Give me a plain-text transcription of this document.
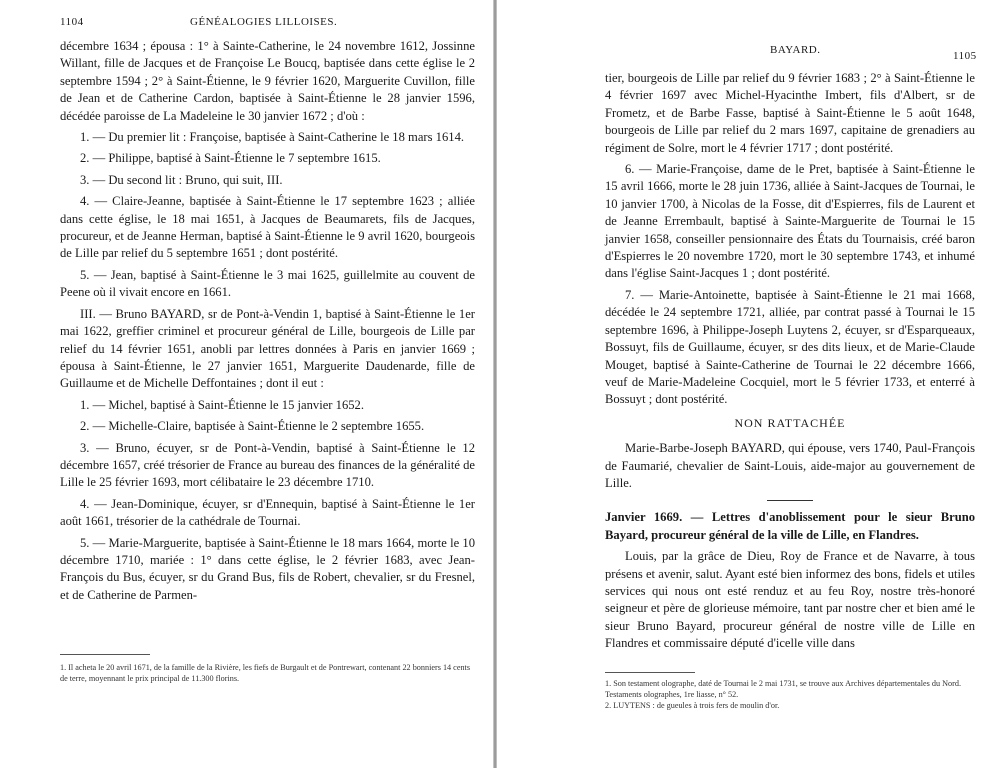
1104	GÉNÉALOGIES LILLOISES.

décembre 1634 ; épousa : 1° à Sainte-Catherine, le 24 novembre 1612, Jossinne Willant, fille de Jacques et de Françoise Le Boucq, baptisée dans cette église le 2 septembre 1594 ; 2° à Saint-Étienne, le 9 février 1620, Marguerite Cuvillon, fille de Jean et de Catherine Cardon, baptisée à Saint-Étienne le 28 janvier 1596, décédée paroisse de La Madeleine le 30 janvier 1672 ; d'où :

1. — Du premier lit : Françoise, baptisée à Saint-Catherine le 18 mars 1614.

2. — Philippe, baptisé à Saint-Étienne le 7 septembre 1615.

3. — Du second lit : Bruno, qui suit, III.

4. — Claire-Jeanne, baptisée à Saint-Étienne le 17 septembre 1623 ; alliée dans cette église, le 18 mai 1651, à Jacques de Beaumarets, fils de Jacques, procureur, et de Jeanne Herman, baptisé à Saint-Étienne le 9 avril 1620, bourgeois de Lille par relief du 5 septembre 1651 ; dont postérité.

5. — Jean, baptisé à Saint-Étienne le 3 mai 1625, guillelmite au couvent de Peene où il vivait encore en 1661.

III. — Bruno BAYARD, sr de Pont-à-Vendin 1, baptisé à Saint-Étienne le 1er mai 1622, greffier criminel et procureur général de Lille, bourgeois de Lille par relief du 14 février 1651, anobli par lettres données à Paris en janvier 1669 ; épousa à Saint-Étienne, le 27 janvier 1651, Marguerite Daudenarde, fille de Guillaume et de Michelle Deffontaines ; dont il eut :

1. — Michel, baptisé à Saint-Étienne le 15 janvier 1652.

2. — Michelle-Claire, baptisée à Saint-Étienne le 2 septembre 1655.

3. — Bruno, écuyer, sr de Pont-à-Vendin, baptisé à Saint-Étienne le 12 décembre 1657, créé trésorier de France au bureau des finances de la généralité de Lille le 25 février 1693, mort célibataire le 23 décembre 1710.

4. — Jean-Dominique, écuyer, sr d'Ennequin, baptisé à Saint-Étienne le 1er août 1661, trésorier de la cathédrale de Tournai.

5. — Marie-Marguerite, baptisée à Saint-Étienne le 18 mars 1664, morte le 10 décembre 1710, mariée : 1° dans cette église, le 2 février 1683, avec Jean-François du Bus, écuyer, sr du Grand Bus, fils de Robert, chevalier, sr du Fresnel, et de Catherine de Parmen-

1. Il acheta le 20 avril 1671, de la famille de la Rivière, les fiefs de Burgault et de Pontrewart, contenant 22 bonniers 14 cents de terre, moyennant le prix principal de 11.300 florins.
BAYARD.	1105

tier, bourgeois de Lille par relief du 9 février 1683 ; 2° à Saint-Étienne le 4 février 1697 avec Michel-Hyacinthe Imbert, fils d'Albert, sr de Frometz, et de Barbe Fasse, baptisé à Saint-Étienne le 5 août 1648, bourgeois de Lille par relief du 2 mars 1697, capitaine de grenadiers au régiment de Solre, mort le 4 février 1717 ; dont postérité.

6. — Marie-Françoise, dame de le Pret, baptisée à Saint-Étienne le 15 avril 1666, morte le 28 juin 1736, alliée à Saint-Jacques de Tournai, le 10 janvier 1700, à Nicolas de la Fosse, dit d'Espierres, fils de Laurent et de Jeanne Errembault, baptisé à Sainte-Marguerite de Tournai le 15 janvier 1658, conseiller pensionnaire des États du Tournaisis, créé baron d'Espierres le 20 novembre 1720, mort le 30 septembre 1743, et inhumé dans l'église Saint-Jacques 1 ; dont postérité.

7. — Marie-Antoinette, baptisée à Saint-Étienne le 21 mai 1668, décédée le 24 septembre 1721, alliée, par contrat passé à Tournai le 15 septembre 1696, à Philippe-Joseph Luytens 2, écuyer, sr d'Esparqueaux, Bossuyt, fils de Guillaume, écuyer, sr des dits lieux, et de Marie-Claude Mouget, baptisé à Sainte-Catherine de Tournai le 22 décembre 1666, veuf de Marie-Madeleine Cocquiel, mort le 5 février 1733, et enterré à Bossuyt ; dont postérité.

NON RATTACHÉE

Marie-Barbe-Joseph BAYARD, qui épouse, vers 1740, Paul-François de Faumarié, chevalier de Saint-Louis, aide-major au gouvernement de Lille.

Janvier 1669. — Lettres d'anoblissement pour le sieur Bruno Bayard, procureur général de la ville de Lille, en Flandres.

Louis, par la grâce de Dieu, Roy de France et de Navarre, à tous présens et avenir, salut. Ayant esté bien informez des bons, fidels et utiles services qui nous ont esté renduz et au feu Roy, nostre très-honoré seigneur et père de glorieuse mémoire, tant par nostre cher et bien amé le sieur Bruno Bayard, procureur général de nostre ville de Lille en Flandres et commissaire député d'icelle ville dans

1. Son testament olographe, daté de Tournai le 2 mai 1731, se trouve aux Archives départementales du Nord. Testaments olographes, 1re liasse, n° 52.
2. LUYTENS : de gueules à trois fers de moulin d'or.
